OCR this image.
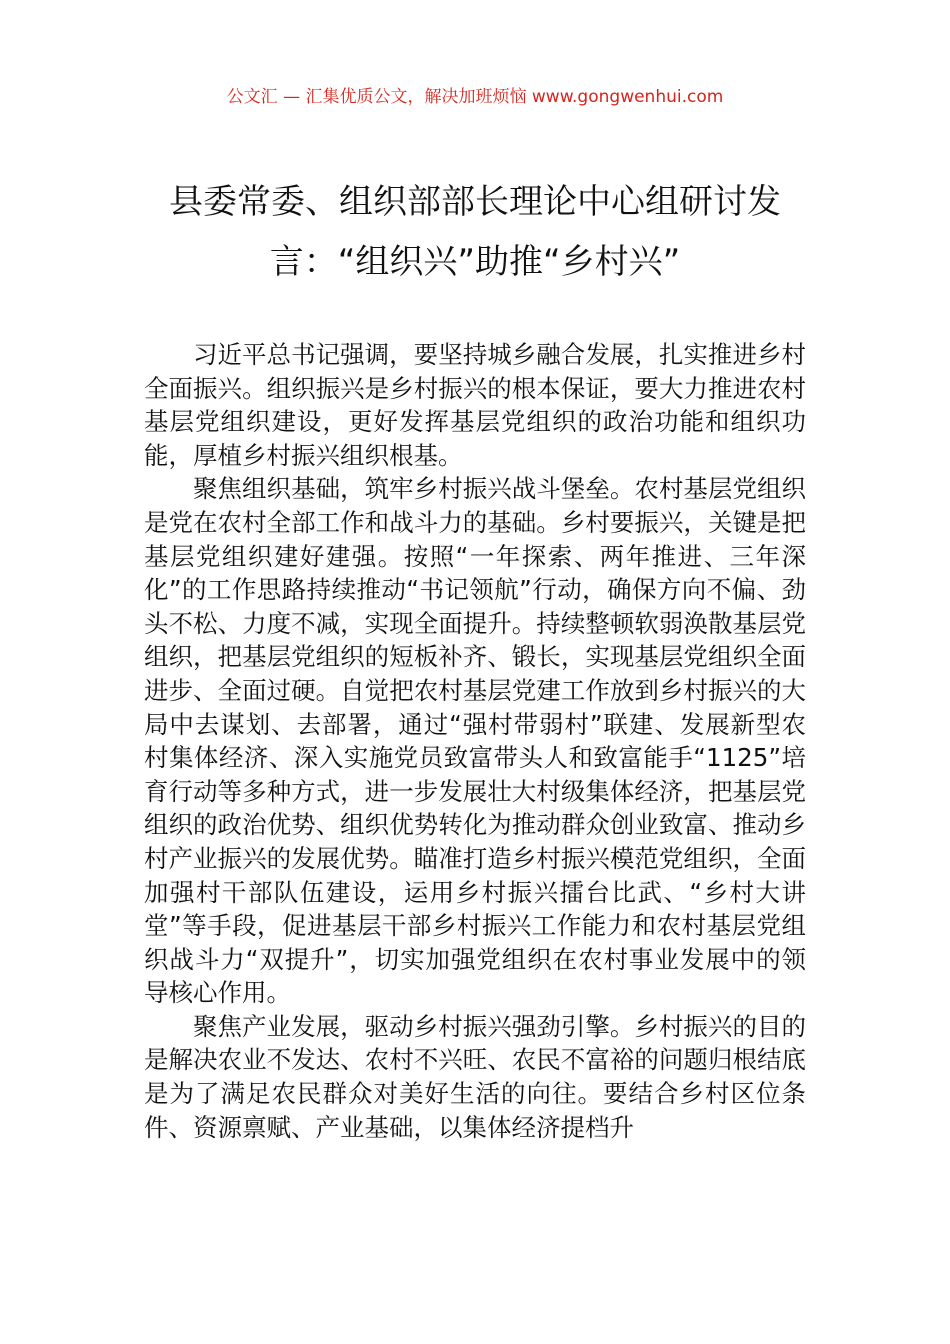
公文汇 — 汇集优质公文，解决加班烦恼 www.gongwenhui.com
县委常委、组织部部长理论中心组研讨发
言：“组织兴”助推“乡村兴”

习近平总书记强调，要坚持城乡融合发展，扎实推进乡村全面振兴。组织振兴是乡村振兴的根本保证，要大力推进农村基层党组织建设，更好发挥基层党组织的政治功能和组织功能，厚植乡村振兴组织根基。

聚焦组织基础，筑牢乡村振兴战斗堡垒。农村基层党组织是党在农村全部工作和战斗力的基础。乡村要振兴，关键是把基层党组织建好建强。按照“一年探索、两年推进、三年深化”的工作思路持续推动“书记领航”行动，确保方向不偏、劲头不松、力度不减，实现全面提升。持续整顿软弱涣散基层党组织，把基层党组织的短板补齐、锻长，实现基层党组织全面进步、全面过硬。自觉把农村基层党建工作放到乡村振兴的大局中去谋划、去部署，通过“强村带弱村”联建、发展新型农村集体经济、深入实施党员致富带头人和致富能手“1125”培育行动等多种方式，进一步发展壮大村级集体经济，把基层党组织的政治优势、组织优势转化为推动群众创业致富、推动乡村产业振兴的发展优势。瞄准打造乡村振兴模范党组织，全面加强村干部队伍建设，运用乡村振兴擂台比武、“乡村大讲堂”等手段，促进基层干部乡村振兴工作能力和农村基层党组织战斗力“双提升”，切实加强党组织在农村事业发展中的领导核心作用。

聚焦产业发展，驱动乡村振兴强劲引擎。乡村振兴的目的是解决农业不发达、农村不兴旺、农民不富裕的问题归根结底是为了满足农民群众对美好生活的向往。要结合乡村区位条件、资源禀赋、产业基础，以集体经济提档升
